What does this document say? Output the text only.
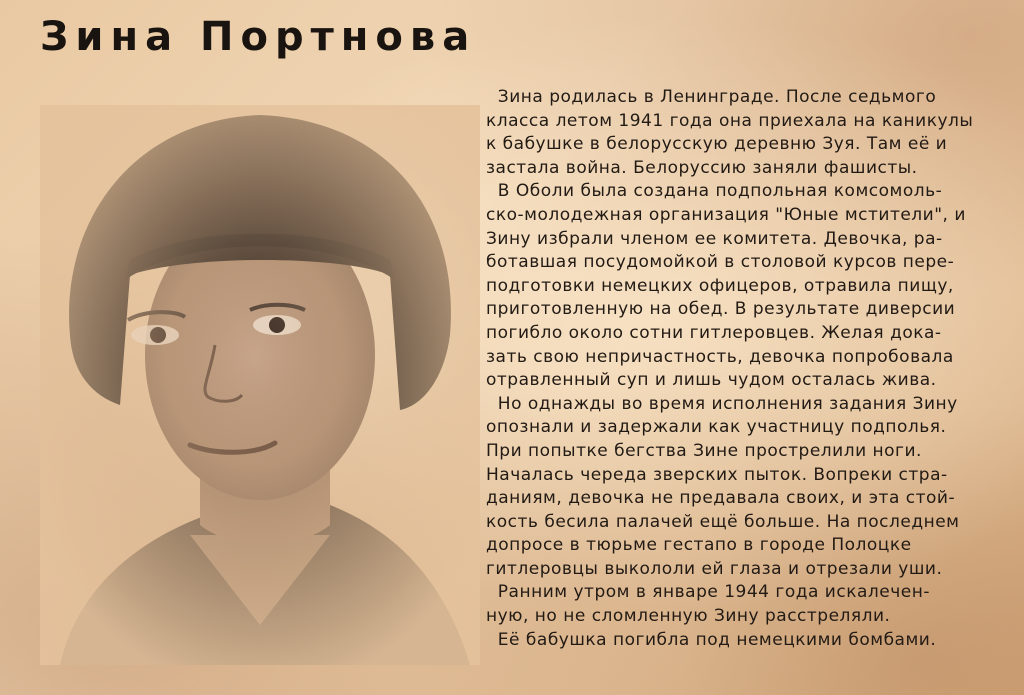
Зина Портнова
Зина родилась в Ленинграде. После седьмого
класса летом 1941 года она приехала на каникулы
к бабушке в белорусскую деревню Зуя. Там её и
застала война. Белоруссию заняли фашисты.
В Оболи была создана подпольная комсомоль-
ско-молодежная организация "Юные мстители", и
Зину избрали членом ее комитета. Девочка, ра-
ботавшая посудомойкой в столовой курсов пере-
подготовки немецких офицеров, отравила пищу,
приготовленную на обед. В результате диверсии
погибло около сотни гитлеровцев. Желая дока-
зать свою непричастность, девочка попробовала
отравленный суп и лишь чудом осталась жива.
Но однажды во время исполнения задания Зину
опознали и задержали как участницу подполья.
При попытке бегства Зине прострелили ноги.
Началась череда зверских пыток. Вопреки стра-
даниям, девочка не предавала своих, и эта стой-
кость бесила палачей ещё больше. На последнем
допросе в тюрьме гестапо в городе Полоцке
гитлеровцы выкололи ей глаза и отрезали уши.
Ранним утром в январе 1944 года искалечен-
ную, но не сломленную Зину расстреляли.
Её бабушка погибла под немецкими бомбами.
